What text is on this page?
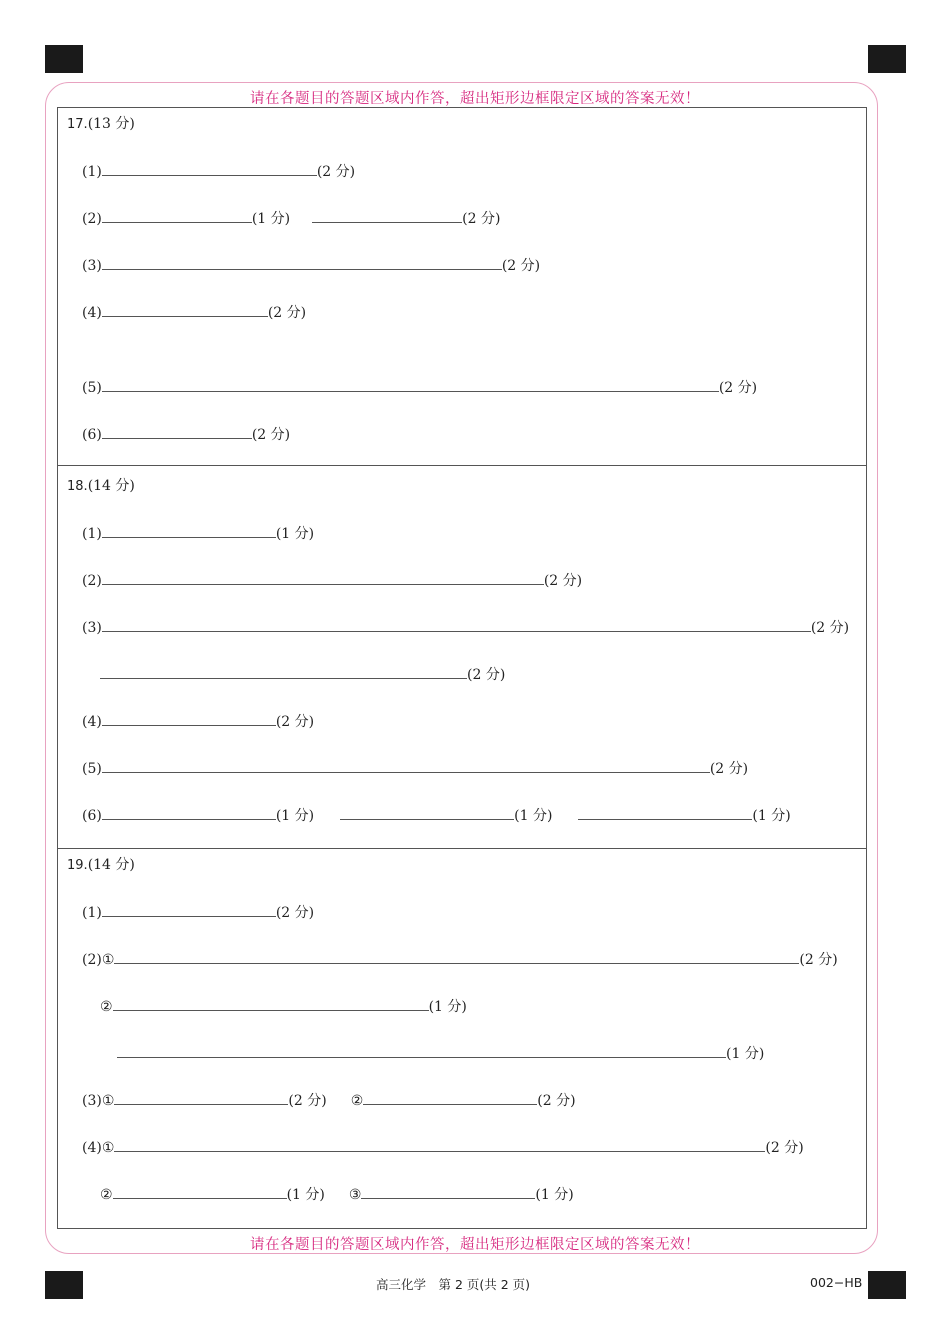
请在各题目的答题区域内作答，超出矩形边框限定区域的答案无效！
请在各题目的答题区域内作答，超出矩形边框限定区域的答案无效！
17.(13 分)
(1)	(2 分)
(2)	(1 分)	(2 分)
(3)	(2 分)
(4)	(2 分)
(5)	(2 分)
(6)	(2 分)
18.(14 分)
(1)	(1 分)
(2)	(2 分)
(3)	(2 分)
(2 分)
(4)	(2 分)
(5)	(2 分)
(6)	(1 分)	(1 分)	(1 分)
19.(14 分)
(1)	(2 分)
(2)①	(2 分)
②	(1 分)
(1 分)
(3)①	(2 分) ②	(2 分)
(4)①	(2 分)
②	(1 分) ③	(1 分)
高三化学　第 2 页(共 2 页)	002−HB
